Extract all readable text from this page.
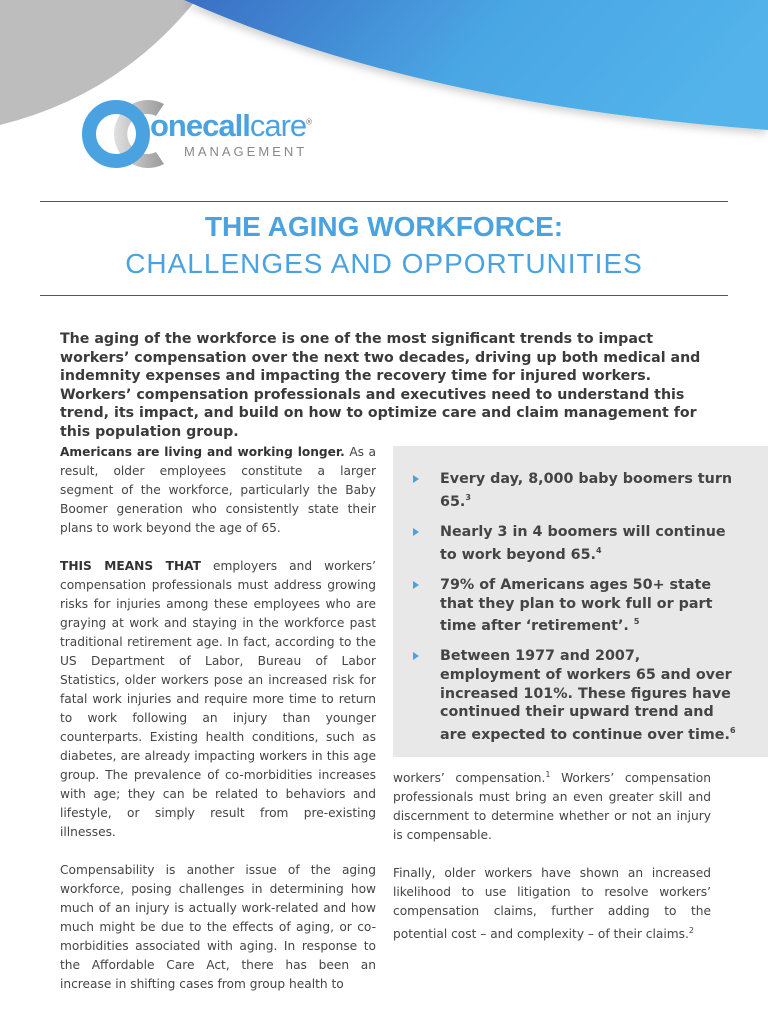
onecallcare®
MANAGEMENT
THE AGING WORKFORCE:
CHALLENGES AND OPPORTUNITIES
The aging of the workforce is one of the most significant trends to impact workers’ compensation over the next two decades, driving up both medical and indemnity expenses and impacting the recovery time for injured workers. Workers’ compensation professionals and executives need to understand this trend, its impact, and build on how to optimize care and claim management for this population group.

Americans are living and working longer. As a result, older employees constitute a larger segment of the workforce, particularly the Baby Boomer generation who consistently state their plans to work beyond the age of 65.

THIS MEANS THAT employers and workers’ compensation professionals must address growing risks for injuries among these employees who are graying at work and staying in the workforce past traditional retirement age. In fact, according to the US Department of Labor, Bureau of Labor Statistics, older workers pose an increased risk for fatal work injuries and require more time to return to work following an injury than younger counterparts. Existing health conditions, such as diabetes, are already impacting workers in this age group. The prevalence of co-morbidities increases with age; they can be related to behaviors and lifestyle, or simply result from pre-existing illnesses.

Compensability is another issue of the aging workforce, posing challenges in determining how much of an injury is actually work-related and how much might be due to the effects of aging, or co-morbidities associated with aging. In response to the Affordable Care Act, there has been an increase in shifting cases from group health to

Every day, 8,000 baby boomers turn 65.$^3$
Nearly 3 in 4 boomers will continue to work beyond 65.$^4$
79% of Americans ages 50+ state that they plan to work full or part time after ‘retirement’. $^5$
Between 1977 and 2007, employment of workers 65 and over increased 101%. These figures have continued their upward trend and are expected to continue over time.$^6$

workers’ compensation.$^1$ Workers’ compensation professionals must bring an even greater skill and discernment to determine whether or not an injury is compensable.

Finally, older workers have shown an increased likelihood to use litigation to resolve workers’ compensation claims, further adding to the potential cost – and complexity – of their claims.$^2$
